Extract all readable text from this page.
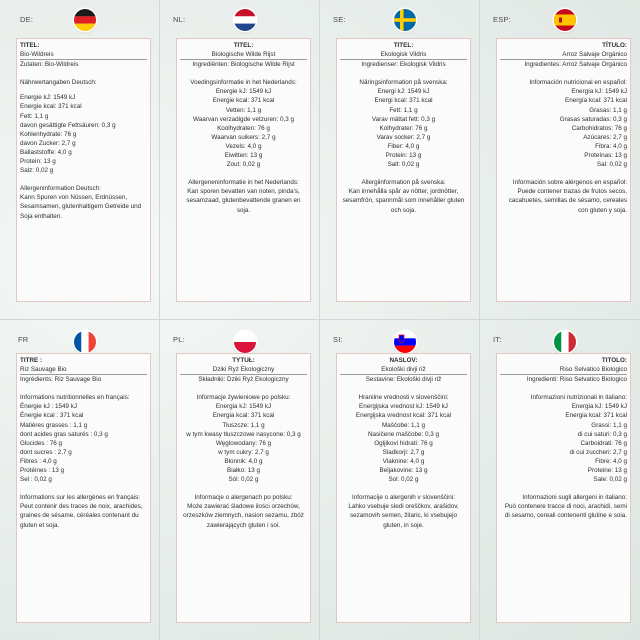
DE:
TITEL:
Bio-Wildreis
Zutaten: Bio-Wildreis
Nährwertangaben Deutsch:
Energie kJ: 1549 kJ
Energie kcal: 371 kcal
Fett: 1,1 g
davon gesättigte Fettsäuren: 0,3 g
Kohlenhydrate: 76 g
davon Zucker: 2,7 g
Ballaststoffe: 4,0 g
Protein: 13 g
Salz: 0,02 g
Allergeninformation Deutsch:
Kann Spuren von Nüssen, Erdnüssen, Sesamsamen, glutenhaltigem Getreide und Soja enthalten.
NL:
TITEL:
Biologische Wilde Rijst
Ingrediënten: Biologische Wilde Rijst
Voedingsinformatie in het Nederlands:
Energie kJ: 1549 kJ
Energie kcal: 371 kcal
Vetten: 1,1 g
Waarvan verzadigde vetzuren: 0,3 g
Koolhydraten: 76 g
Waarvan suikers: 2,7 g
Vezels: 4,0 g
Eiwitten: 13 g
Zout: 0,02 g
Allergeneninformatie in het Nederlands:
Kan sporen bevatten van noten, pinda's, sesamzaad, glutenbevattende granen en soja.
SE:
TITEL:
Ekologisk Vildris
Ingredienser: Ekologisk Vildris
Näringsinformation på svenska:
Energi kJ: 1549 kJ
Energi kcal: 371 kcal
Fett: 1,1 g
Varav mättat fett: 0,3 g
Kolhydrater: 76 g
Varav socker: 2,7 g
Fiber: 4,0 g
Protein: 13 g
Salt: 0,02 g
Allergiinformation på svenska:
Kan innehålla spår av nötter, jordnötter, sesamfrön, spannmål som innehåller gluten och soja.
ESP:
TÍTULO:
Arroz Salvaje Orgánico
Ingredientes: Arroz Salvaje Orgánico
Información nutricional en español:
Energía kJ: 1549 kJ
Energía kcal: 371 kcal
Grasas: 1,1 g
Grasas saturadas: 0,3 g
Carbohidratos: 76 g
Azúcares: 2,7 g
Fibra: 4,0 g
Proteínas: 13 g
Sal: 0,02 g
Información sobre alérgenos en español:
Puede contener trazas de frutos secos, cacahuetes, semillas de sésamo, cereales con gluten y soja.
FR
TITRE :
Riz Sauvage Bio
Ingrédients: Riz Sauvage Bio
Informations nutritionnelles en français:
Énergie kJ : 1549 kJ
Énergie kcal : 371 kcal
Matières grasses : 1,1 g
dont acides gras saturés : 0,3 g
Glucides : 76 g
dont sucres : 2,7 g
Fibres : 4,0 g
Protéines : 13 g
Sel : 0,02 g
Informations sur les allergènes en français:
Peut contenir des traces de noix, arachides, graines de sésame, céréales contenant du gluten et soja.
PL:
TYTUŁ:
Dziki Ryż Ekologiczny
Składniki: Dziki Ryż Ekologiczny
Informacje żywieniowe po polsku:
Energia kJ: 1549 kJ
Energia kcal: 371 kcal
Tłuszcze: 1,1 g
w tym kwasy tłuszczowe nasycone: 0,3 g
Węglowodany: 76 g
w tym cukry: 2,7 g
Błonnik: 4,0 g
Białko: 13 g
Sól: 0,02 g
Informacje o alergenach po polsku:
Może zawierać śladowe ilości orzechów, orzeszków ziemnych, nasion sezamu, zbóż zawierających gluten i soi.
SI:
NASLOV:
Ekološki divji riž
Sestavine: Ekološki divji riž
Hranilne vrednosti v slovenščini:
Energijska vrednost kJ: 1549 kJ
Energijska vrednost kcal: 371 kcal
Maščobe: 1,1 g
Nasičene maščobe: 0,3 g
Ogljikovi hidrati: 76 g
Sladkorji: 2,7 g
Vlaknine: 4,0 g
Beljakovine: 13 g
Sol: 0,02 g
Informacije o alergenih v slovenščini:
Lahko vsebuje sledi oreščkov, arašidov, sezamovih semen, žitaric, ki vsebujejo gluten, in soje.
IT:
TITOLO:
Riso Selvatico Biologico
Ingredienti: Riso Selvatico Biologico
Informazioni nutrizionali in italiano:
Energia kJ: 1549 kJ
Energia kcal: 371 kcal
Grassi: 1,1 g
di cui saturi: 0,3 g
Carboidrati: 76 g
di cui zuccheri: 2,7 g
Fibre: 4,0 g
Proteine: 13 g
Sale: 0,02 g
Informazioni sugli allergeni in italiano:
Può contenere tracce di noci, arachidi, semi di sesamo, cereali contenenti glutine e soia.
